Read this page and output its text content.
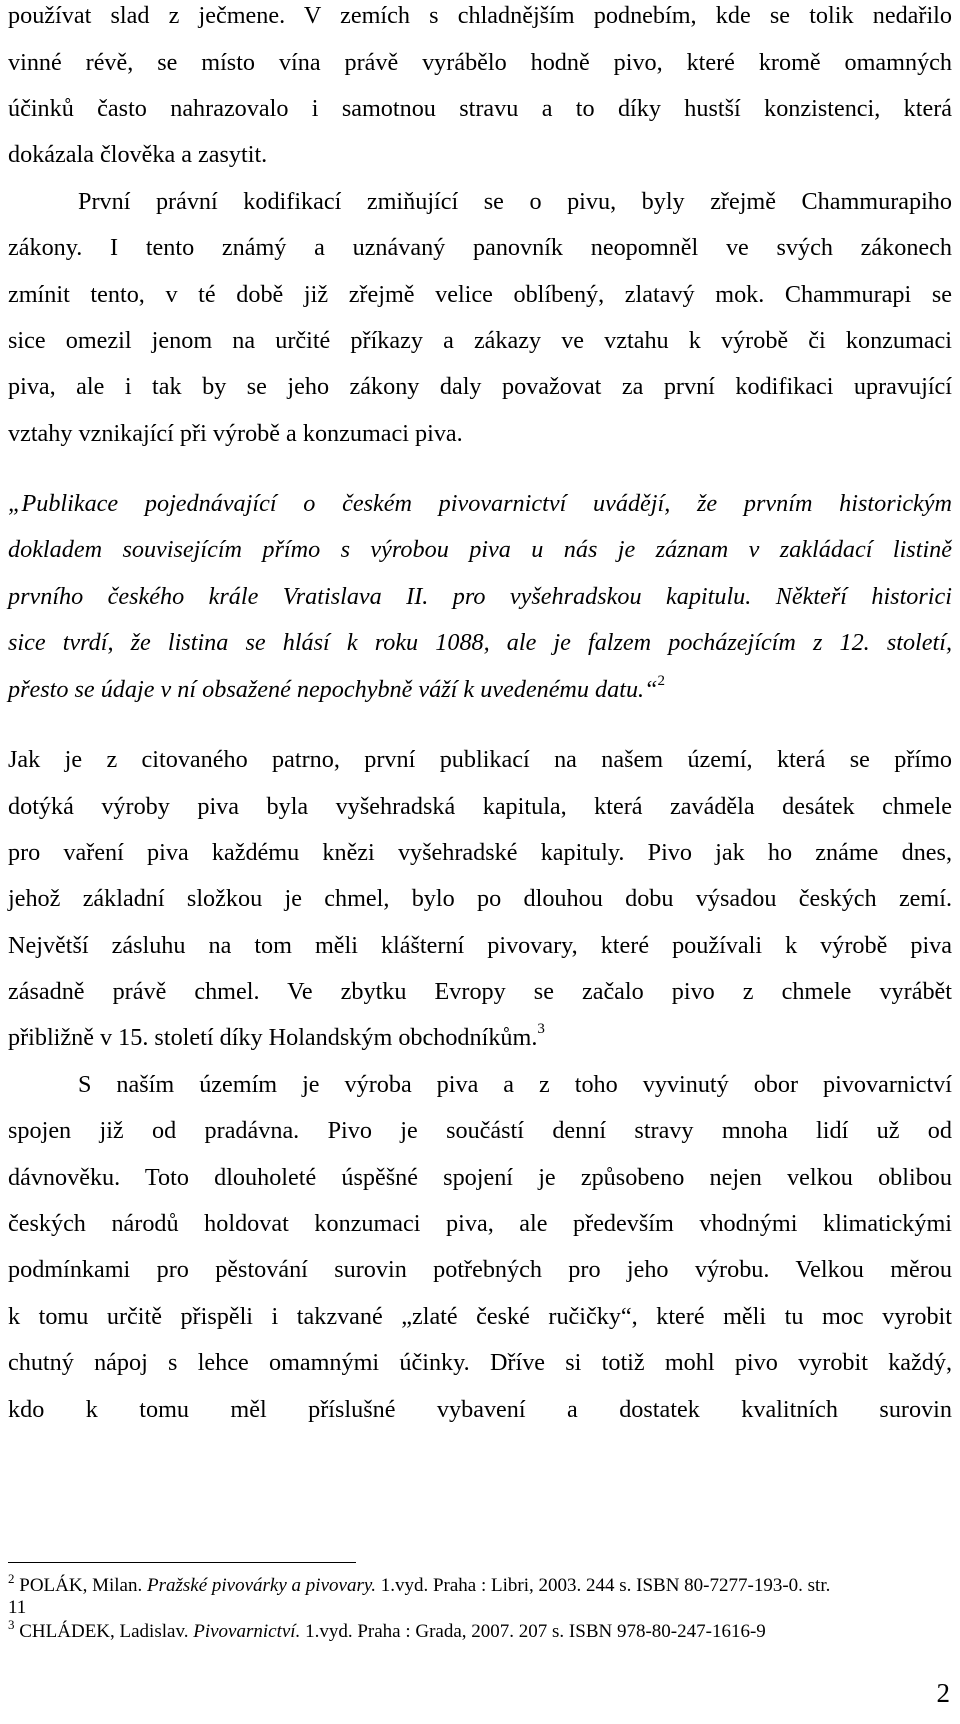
používat slad z ječmene. V zemích s chladnějším podnebím, kde se tolik nedařilo
vinné révě, se místo vína právě vyrábělo hodně pivo, které kromě omamných
účinků často nahrazovalo i samotnou stravu a to díky hustší konzistenci, která
dokázala člověka a zasytit.
První právní kodifikací zmiňující se o pivu, byly zřejmě Chammurapiho
zákony. I tento známý a uznávaný panovník neopomněl ve svých zákonech
zmínit tento, v té době již zřejmě velice oblíbený, zlatavý mok. Chammurapi se
sice omezil jenom na určité příkazy a zákazy ve vztahu k výrobě či konzumaci
piva, ale i tak by se jeho zákony daly považovat za první kodifikaci upravující
vztahy vznikající při výrobě a konzumaci piva.
„Publikace pojednávající o českém pivovarnictví uvádějí, že prvním historickým
dokladem souvisejícím přímo s výrobou piva u nás je záznam v zakládací listině
prvního českého krále Vratislava II. pro vyšehradskou kapitulu. Někteří historici
sice tvrdí, že listina se hlásí k roku 1088, ale je falzem pocházejícím z 12. století,
přesto se údaje v ní obsažené nepochybně váží k uvedenému datu.“$^2$
Jak je z citovaného patrno, první publikací na našem území, která se přímo
dotýká výroby piva byla vyšehradská kapitula, která zaváděla desátek chmele
pro vaření piva každému knězi vyšehradské kapituly. Pivo jak ho známe dnes,
jehož základní složkou je chmel, bylo po dlouhou dobu výsadou českých zemí.
Největší zásluhu na tom měli klášterní pivovary, které používali k výrobě piva
zásadně právě chmel. Ve zbytku Evropy se začalo pivo z chmele vyrábět
přibližně v 15. století díky Holandským obchodníkům.$^3$
S naším územím je výroba piva a z toho vyvinutý obor pivovarnictví
spojen již od pradávna. Pivo je součástí denní stravy mnoha lidí už od
dávnověku. Toto dlouholeté úspěšné spojení je způsobeno nejen velkou oblibou
českých národů holdovat konzumaci piva, ale především vhodnými klimatickými
podmínkami pro pěstování surovin potřebných pro jeho výrobu. Velkou měrou
k tomu určitě přispěli i takzvané „zlaté české ručičky“, které měli tu moc vyrobit
chutný nápoj s lehce omamnými účinky. Dříve si totiž mohl pivo vyrobit každý,
kdo k tomu měl příslušné vybavení a dostatek kvalitních surovin
$^2$ POLÁK, Milan. Pražské pivovárky a pivovary. 1.vyd. Praha : Libri, 2003. 244 s. ISBN 80-7277-193-0. str.
11
$^3$ CHLÁDEK, Ladislav. Pivovarnictví. 1.vyd. Praha : Grada, 2007. 207 s. ISBN 978-80-247-1616-9
2
